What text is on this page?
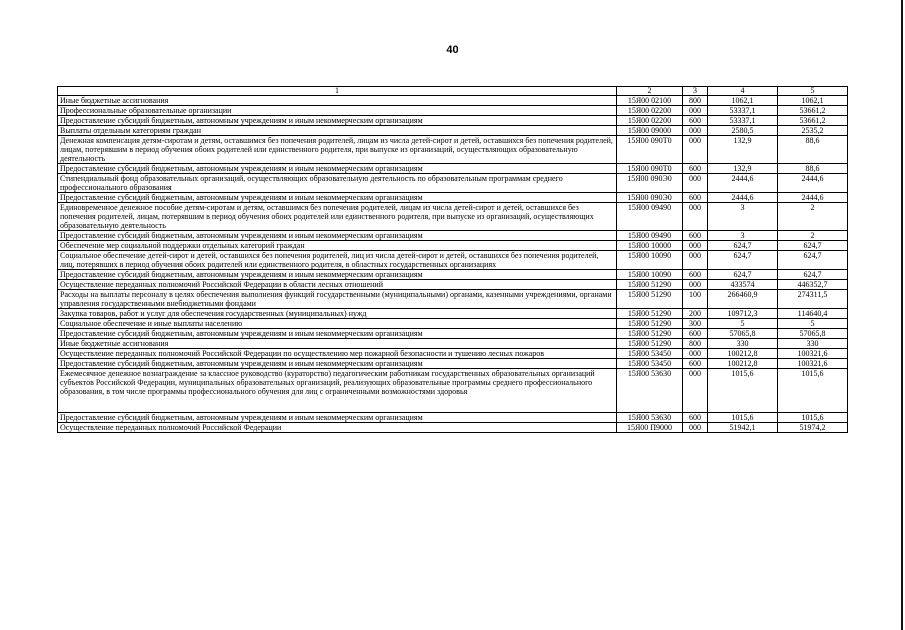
40
1	2	3	4	5
Иные бюджетные ассигнования	15Я00 02100	800	1062,1	1062,1
Профессиональные образовательные организации	15Я00 02200	000	53337,1	53661,2
Предоставление субсидий бюджетным, автономным учреждениям и иным некоммерческим организациям	15Я00 02200	600	53337,1	53661,2
Выплаты отдельным категориям граждан	15Я00 09000	000	2580,5	2535,2
Денежная компенсация детям-сиротам и детям, оставшимся без попечения родителей, лицам из числа детей-сирот и детей, оставшихся без попечения родителей, лицам, потерявшим в период обучения обоих родителей или единственного родителя, при выпуске из организаций, осуществляющих образовательную деятельность	15Я00 090Т0	000	132,9	88,6
Предоставление субсидий бюджетным, автономным учреждениям и иным некоммерческим организациям	15Я00 090Т0	600	132,9	88,6
Стипендиальный фонд образовательных организаций, осуществляющих образовательную деятельность по образовательным программам среднего профессионального образования	15Я00 090Э0	000	2444,6	2444,6
Предоставление субсидий бюджетным, автономным учреждениям и иным некоммерческим организациям	15Я00 090Э0	600	2444,6	2444,6
Единовременное денежное пособие детям-сиротам и детям, оставшимся без попечения родителей, лицам из числа детей-сирот и детей, оставшихся без попечения родителей, лицам, потерявшим в период обучения обоих родителей или единственного родителя, при выпуске из организаций, осуществляющих образовательную деятельность	15Я00 09490	000	3	2
Предоставление субсидий бюджетным, автономным учреждениям и иным некоммерческим организациям	15Я00 09490	600	3	2
Обеспечение мер социальной поддержки отдельных категорий граждан	15Я00 10000	000	624,7	624,7
Социальное обеспечение детей-сирот и детей, оставшихся без попечения родителей, лиц из числа детей-сирот и детей, оставшихся без попечения родителей, лиц, потерявших в период обучения обоих родителей или единственного родителя, в областных государственных организациях	15Я00 10090	000	624,7	624,7
Предоставление субсидий бюджетным, автономным учреждениям и иным некоммерческим организациям	15Я00 10090	600	624,7	624,7
Осуществление переданных полномочий Российской Федерации в области лесных отношений	15Я00 51290	000	433574	446352,7
Расходы на выплаты персоналу в целях обеспечения выполнения функций государственными (муниципальными) органами, казенными учреждениями, органами управления государственными внебюджетными фондами	15Я00 51290	100	266460,9	274311,5
Закупка товаров, работ и услуг для обеспечения государственных (муниципальных) нужд	15Я00 51290	200	109712,3	114640,4
Социальное обеспечение и иные выплаты населению	15Я00 51290	300	5	5
Предоставление субсидий бюджетным, автономным учреждениям и иным некоммерческим организациям	15Я00 51290	600	57065,8	57065,8
Иные бюджетные ассигнования	15Я00 51290	800	330	330
Осуществление переданных полномочий Российской Федерации по осуществлению мер пожарной безопасности и тушению лесных пожаров	15Я00 53450	000	100212,8	100321,6
Предоставление субсидий бюджетным, автономным учреждениям и иным некоммерческим организациям	15Я00 53450	600	100212,8	100321,6
Ежемесячное денежное вознаграждение за классное руководство (кураторство) педагогическим работникам государственных образовательных организаций субъектов Российской Федерации, муниципальных образовательных организаций, реализующих образовательные программы среднего профессионального образования, в том числе программы профессионального обучения для лиц с ограниченными возможностями здоровья	15Я00 53630	000	1015,6	1015,6
Предоставление субсидий бюджетным, автономным учреждениям и иным некоммерческим организациям	15Я00 53630	600	1015,6	1015,6
Осуществление переданных полномочий Российской Федерации	15Я00 П9000	000	51942,1	51974,2
